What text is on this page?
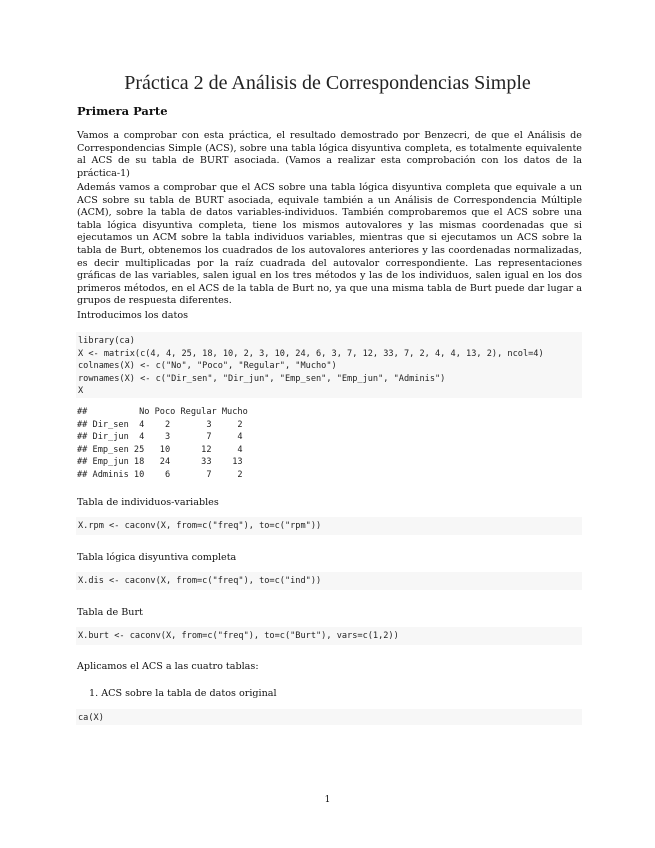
Práctica 2 de Análisis de Correspondencias Simple
Primera Parte
Vamos a comprobar con esta práctica, el resultado demostrado por Benzecri, de que el Análisis de Correspondencias Simple (ACS), sobre una tabla lógica disyuntiva completa, es totalmente equivalente al ACS de su tabla de BURT asociada. (Vamos a realizar esta comprobación con los datos de la práctica-1)
Además vamos a comprobar que el ACS sobre una tabla lógica disyuntiva completa que equivale a un ACS sobre su tabla de BURT asociada, equivale también a un Análisis de Correspondencia Múltiple (ACM), sobre la tabla de datos variables-individuos. También comprobaremos que el ACS sobre una tabla lógica disyuntiva completa, tiene los mismos autovalores y las mismas coordenadas que si ejecutamos un ACM sobre la tabla individuos variables, mientras que si ejecutamos un ACS sobre la tabla de Burt, obtenemos los cuadrados de los autovalores anteriores y las coordenadas normalizadas, es decir multiplicadas por la raíz cuadrada del autovalor correspondiente. Las representaciones gráficas de las variables, salen igual en los tres métodos y las de los individuos, salen igual en los dos primeros métodos, en el ACS de la tabla de Burt no, ya que una misma tabla de Burt puede dar lugar a grupos de respuesta diferentes.
Introducimos los datos
library(ca)
X <- matrix(c(4, 4, 25, 18, 10, 2, 3, 10, 24, 6, 3, 7, 12, 33, 7, 2, 4, 4, 13, 2), ncol=4)
colnames(X) <- c("No", "Poco", "Regular", "Mucho")
rownames(X) <- c("Dir_sen", "Dir_jun", "Emp_sen", "Emp_jun", "Adminis")
X
##          No Poco Regular Mucho
## Dir_sen  4    2       3     2
## Dir_jun  4    3       7     4
## Emp_sen 25   10      12     4
## Emp_jun 18   24      33    13
## Adminis 10    6       7     2
Tabla de individuos-variables
X.rpm <- caconv(X, from=c("freq"), to=c("rpm"))
Tabla lógica disyuntiva completa
X.dis <- caconv(X, from=c("freq"), to=c("ind"))
Tabla de Burt
X.burt <- caconv(X, from=c("freq"), to=c("Burt"), vars=c(1,2))
Aplicamos el ACS a las cuatro tablas:
1. ACS sobre la tabla de datos original
ca(X)
1
